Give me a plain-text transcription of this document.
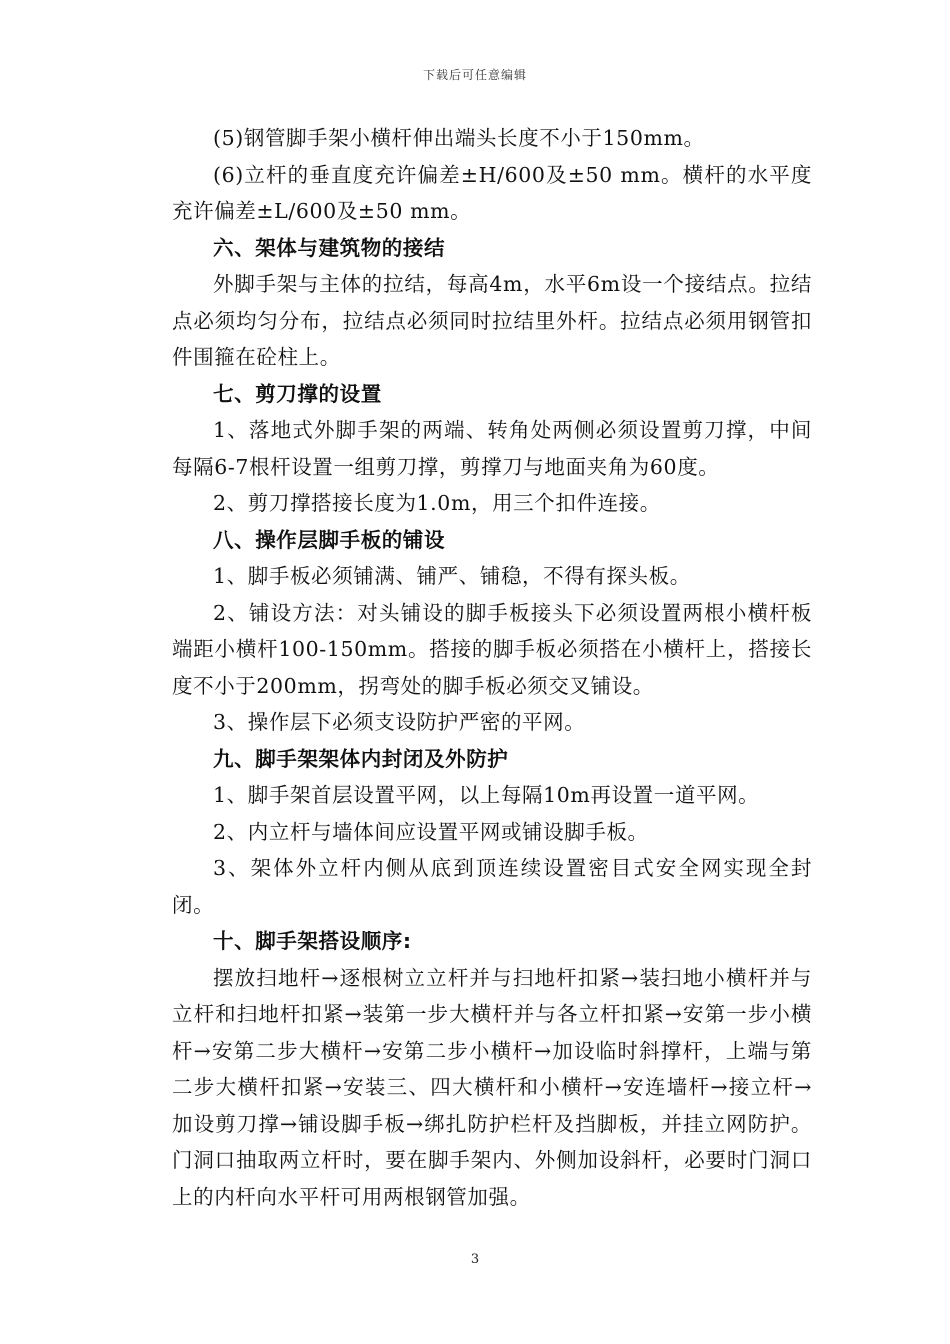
下载后可任意编辑

(5)钢管脚手架小横杆伸出端头长度不小于150mm。

(6)立杆的垂直度充许偏差±H/600及±50 mm。横杆的水平度充许偏差±L/600及±50 mm。

六、架体与建筑物的接结

外脚手架与主体的拉结，每高4m，水平6m设一个接结点。拉结点必须均匀分布，拉结点必须同时拉结里外杆。拉结点必须用钢管扣件围箍在砼柱上。

七、剪刀撑的设置

1、落地式外脚手架的两端、转角处两侧必须设置剪刀撑，中间每隔6-7根杆设置一组剪刀撑，剪撑刀与地面夹角为60度。

2、剪刀撑搭接长度为1.0m，用三个扣件连接。

八、操作层脚手板的铺设

1、脚手板必须铺满、铺严、铺稳，不得有探头板。

2、铺设方法：对头铺设的脚手板接头下必须设置两根小横杆板端距小横杆100-150mm。搭接的脚手板必须搭在小横杆上，搭接长度不小于200mm，拐弯处的脚手板必须交叉铺设。

3、操作层下必须支设防护严密的平网。

九、脚手架架体内封闭及外防护

1、脚手架首层设置平网，以上每隔10m再设置一道平网。

2、内立杆与墙体间应设置平网或铺设脚手板。

3、架体外立杆内侧从底到顶连续设置密目式安全网实现全封闭。

十、脚手架搭设顺序:

摆放扫地杆→逐根树立立杆并与扫地杆扣紧→装扫地小横杆并与立杆和扫地杆扣紧→装第一步大横杆并与各立杆扣紧→安第一步小横杆→安第二步大横杆→安第二步小横杆→加设临时斜撑杆，上端与第二步大横杆扣紧→安装三、四大横杆和小横杆→安连墙杆→接立杆→加设剪刀撑→铺设脚手板→绑扎防护栏杆及挡脚板，并挂立网防护。门洞口抽取两立杆时，要在脚手架内、外侧加设斜杆，必要时门洞口上的内杆向水平杆可用两根钢管加强。

3
